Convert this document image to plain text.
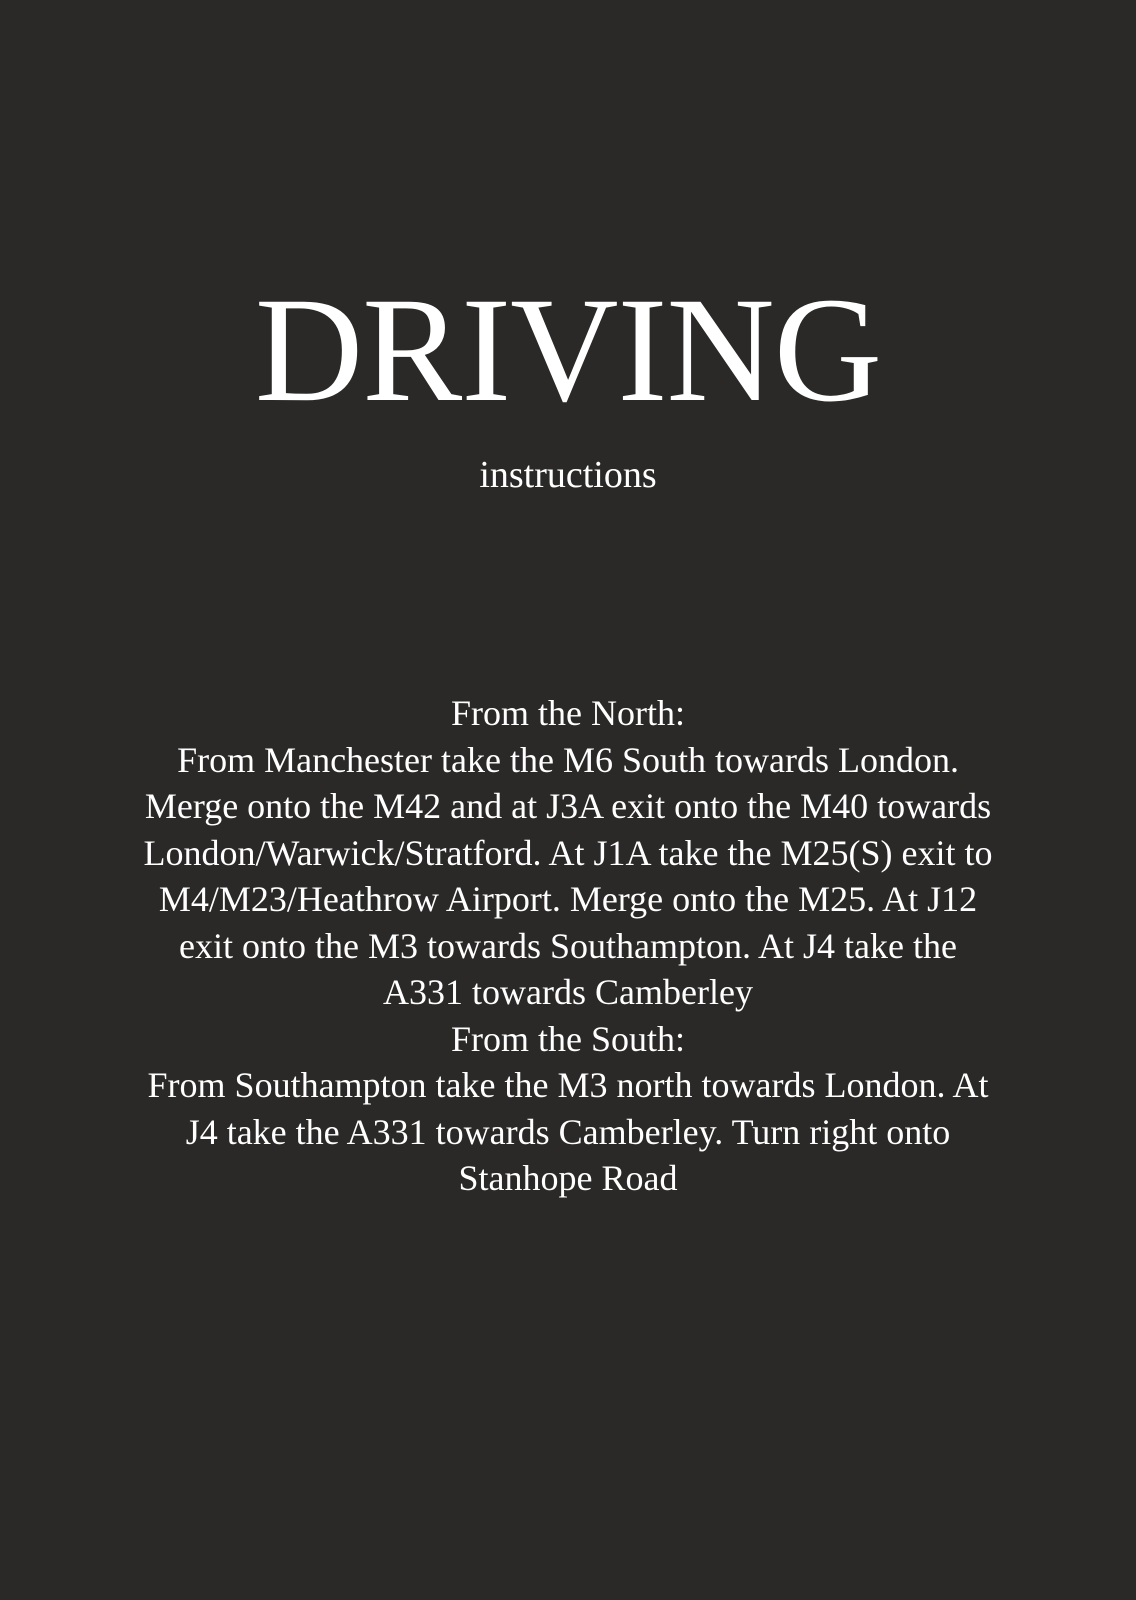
DRIVING
instructions

From the North:

From Manchester take the M6 South towards London. Merge onto the M42 and at J3A exit onto the M40 towards London/Warwick/Stratford. At J1A take the M25(S) exit to M4/M23/Heathrow Airport. Merge onto the M25. At J12 exit onto the M3 towards Southampton. At J4 take the A331 towards Camberley

From the South:

From Southampton take the M3 north towards London. At J4 take the A331 towards Camberley. Turn right onto Stanhope Road
